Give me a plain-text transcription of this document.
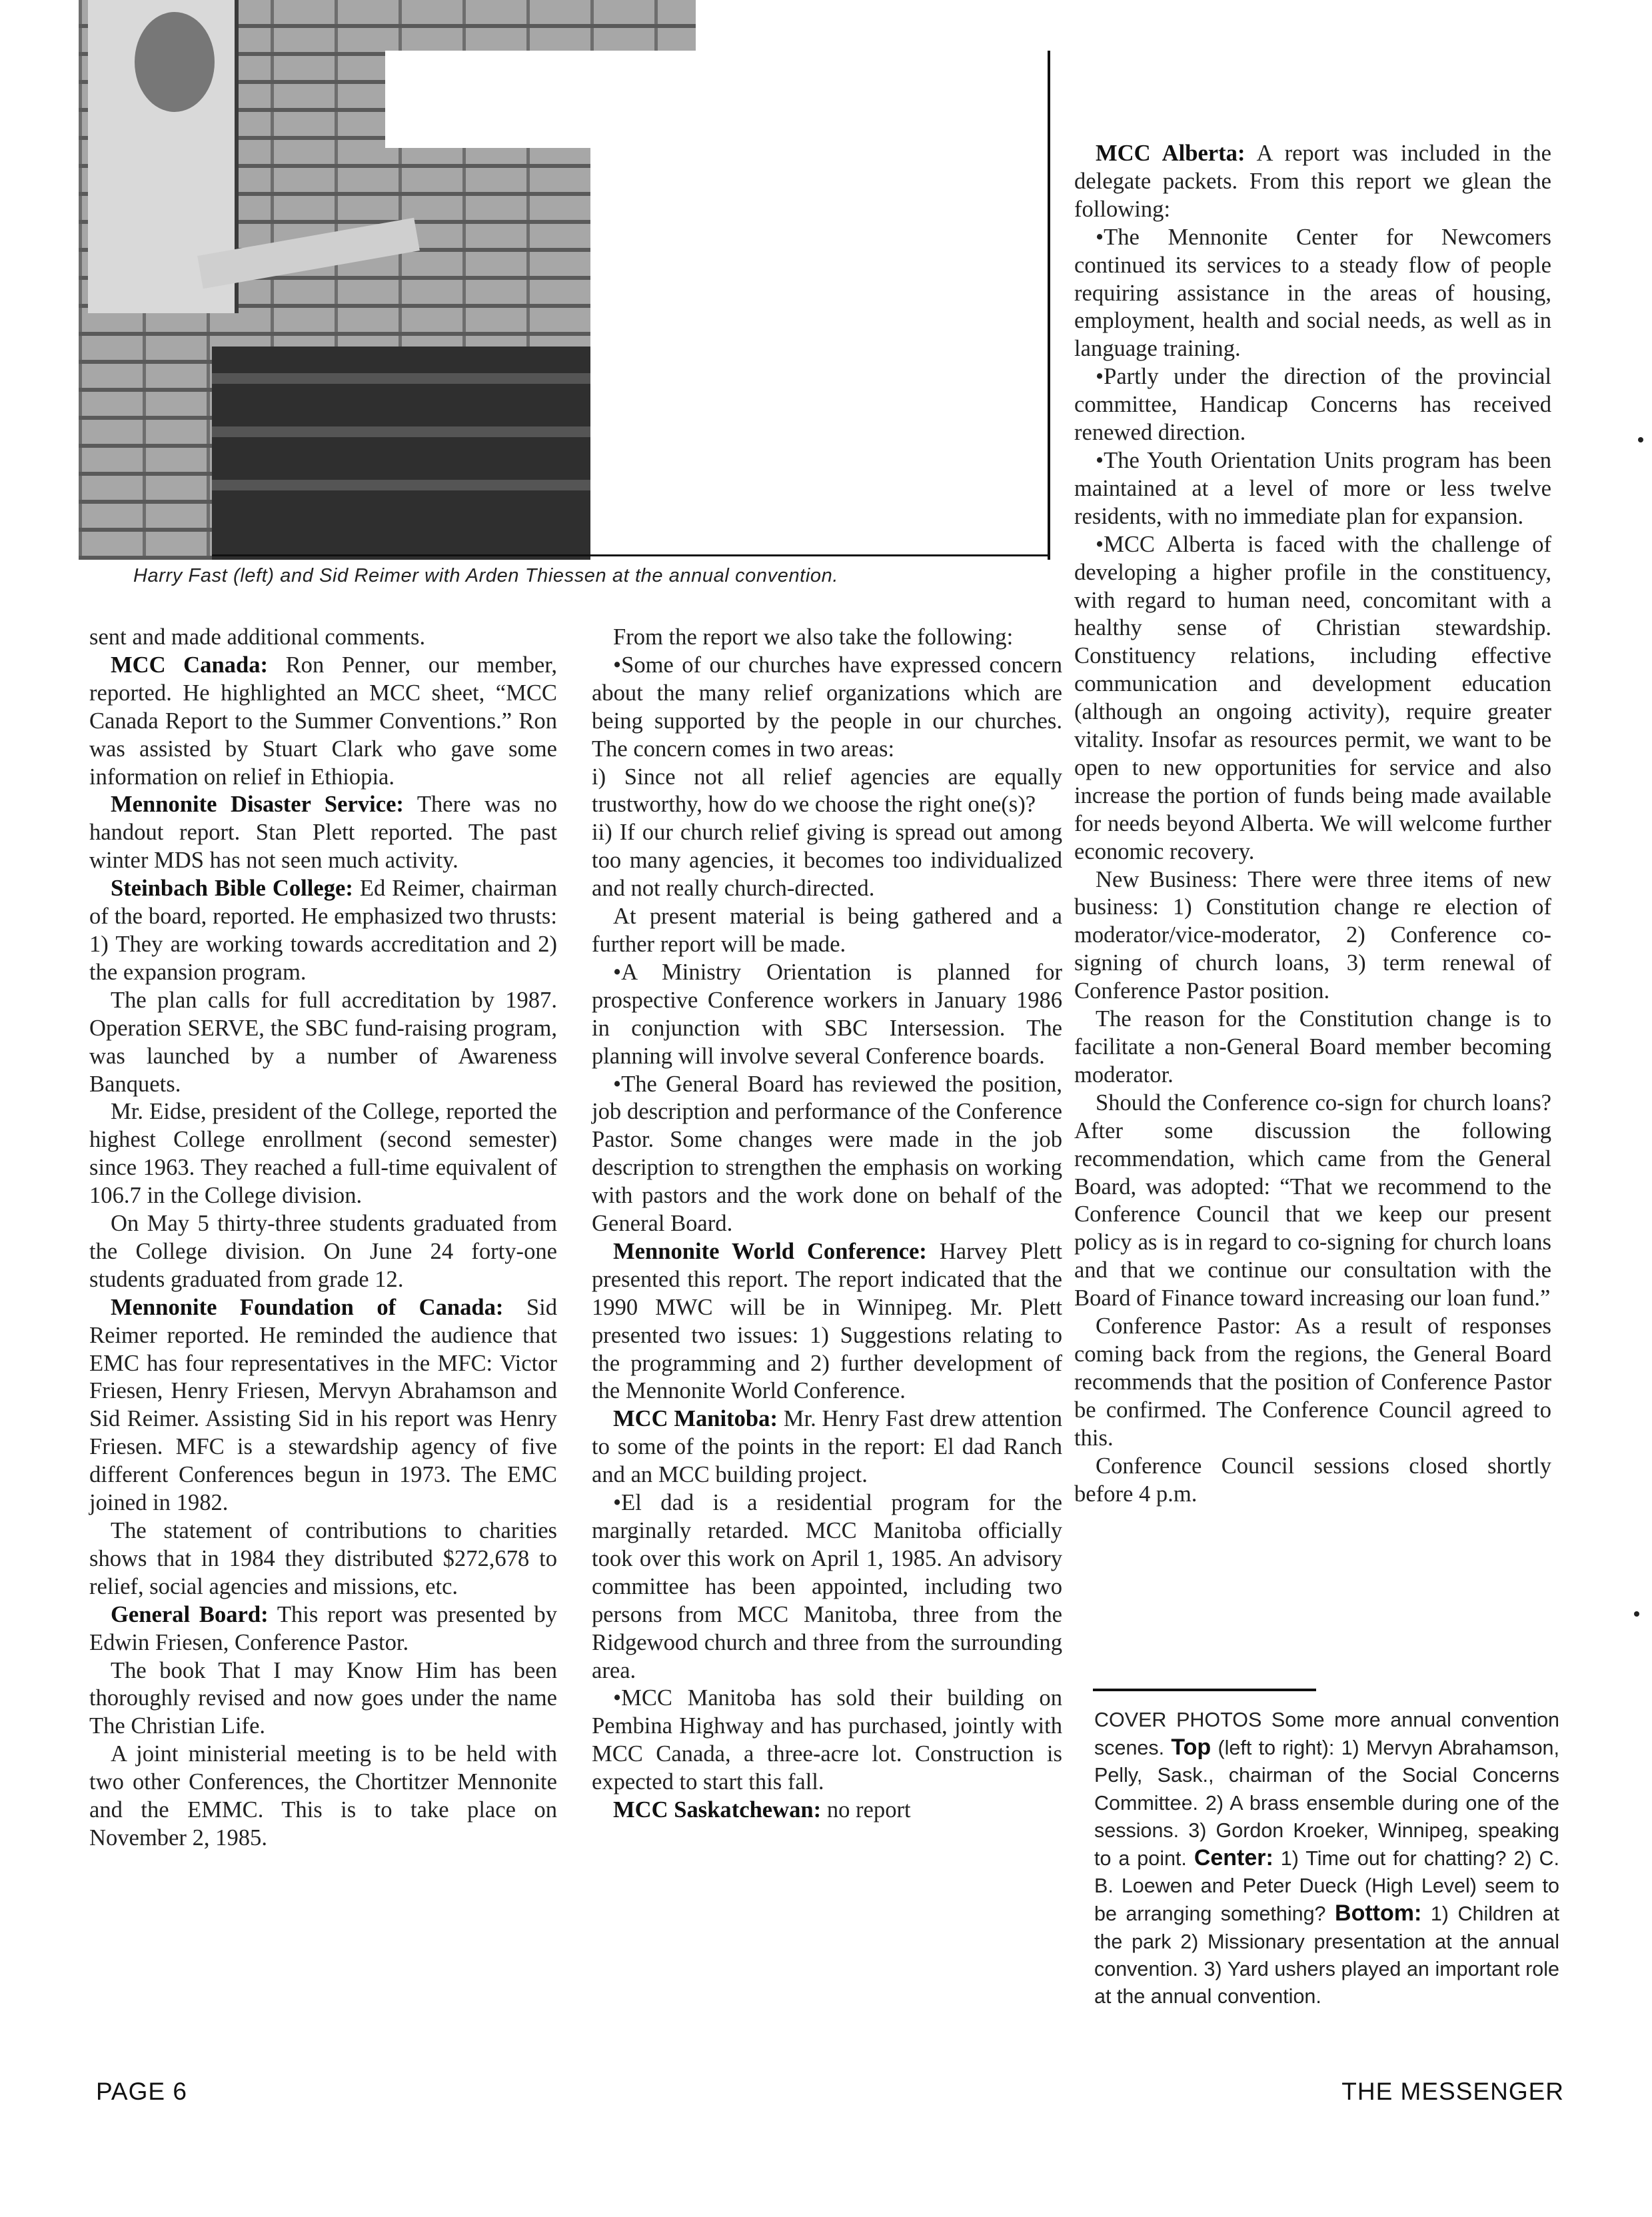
Harry Fast (left) and Sid Reimer with Arden Thiessen at the annual convention.

sent and made additional comments.

MCC Canada: Ron Penner, our member, reported. He highlighted an MCC sheet, “MCC Canada Report to the Summer Conventions.” Ron was assisted by Stuart Clark who gave some information on relief in Ethiopia.

Mennonite Disaster Service: There was no handout report. Stan Plett reported. The past winter MDS has not seen much activity.

Steinbach Bible College: Ed Reimer, chairman of the board, reported. He emphasized two thrusts: 1) They are working towards accreditation and 2) the expansion program.

The plan calls for full accreditation by 1987. Operation SERVE, the SBC fund-raising program, was launched by a number of Awareness Banquets.

Mr. Eidse, president of the College, reported the highest College enrollment (second semester) since 1963. They reached a full-time equivalent of 106.7 in the College division.

On May 5 thirty-three students graduated from the College division. On June 24 forty-one students graduated from grade 12.

Mennonite Foundation of Canada: Sid Reimer reported. He reminded the audience that EMC has four representatives in the MFC: Victor Friesen, Henry Friesen, Mervyn Abrahamson and Sid Reimer. Assisting Sid in his report was Henry Friesen. MFC is a stewardship agency of five different Conferences begun in 1973. The EMC joined in 1982.

The statement of contributions to charities shows that in 1984 they distributed $272,678 to relief, social agencies and missions, etc.

General Board: This report was presented by Edwin Friesen, Conference Pastor.

The book That I may Know Him has been thoroughly revised and now goes under the name The Christian Life.

A joint ministerial meeting is to be held with two other Conferences, the Chortitzer Mennonite and the EMMC. This is to take place on November 2, 1985.

From the report we also take the following:

•Some of our churches have expressed concern about the many relief organizations which are being supported by the people in our churches. The concern comes in two areas:

i) Since not all relief agencies are equally trustworthy, how do we choose the right one(s)?

ii) If our church relief giving is spread out among too many agencies, it becomes too individualized and not really church-directed.

At present material is being gathered and a further report will be made.

•A Ministry Orientation is planned for prospective Conference workers in January 1986 in conjunction with SBC Intersession. The planning will involve several Conference boards.

•The General Board has reviewed the position, job description and performance of the Conference Pastor. Some changes were made in the job description to strengthen the emphasis on working with pastors and the work done on behalf of the General Board.

Mennonite World Conference: Harvey Plett presented this report. The report indicated that the 1990 MWC will be in Winnipeg. Mr. Plett presented two issues: 1) Suggestions relating to the programming and 2) further development of the Mennonite World Conference.

MCC Manitoba: Mr. Henry Fast drew attention to some of the points in the report: El dad Ranch and an MCC building project.

•El dad is a residential program for the marginally retarded. MCC Manitoba officially took over this work on April 1, 1985. An advisory committee has been appointed, including two persons from MCC Manitoba, three from the Ridgewood church and three from the surrounding area.

•MCC Manitoba has sold their building on Pembina Highway and has purchased, jointly with MCC Canada, a three-acre lot. Construction is expected to start this fall.

MCC Saskatchewan: no report

MCC Alberta: A report was included in the delegate packets. From this report we glean the following:

•The Mennonite Center for Newcomers continued its services to a steady flow of people requiring assistance in the areas of housing, employment, health and social needs, as well as in language training.

•Partly under the direction of the provincial committee, Handicap Concerns has received renewed direction.

•The Youth Orientation Units program has been maintained at a level of more or less twelve residents, with no immediate plan for expansion.

•MCC Alberta is faced with the challenge of developing a higher profile in the constituency, with regard to human need, concomitant with a healthy sense of Christian stewardship. Constituency relations, including effective communication and development education (although an ongoing activity), require greater vitality. Insofar as resources permit, we want to be open to new opportunities for service and also increase the portion of funds being made available for needs beyond Alberta. We will welcome further economic recovery.

New Business: There were three items of new business: 1) Constitution change re election of moderator/vice-moderator, 2) Conference co-signing of church loans, 3) term renewal of Conference Pastor position.

The reason for the Constitution change is to facilitate a non-General Board member becoming moderator.

Should the Conference co-sign for church loans? After some discussion the following recommendation, which came from the General Board, was adopted: “That we recommend to the Conference Council that we keep our present policy as is in regard to co-signing for church loans and that we continue our consultation with the Board of Finance toward increasing our loan fund.”

Conference Pastor: As a result of responses coming back from the regions, the General Board recommends that the position of Conference Pastor be confirmed. The Conference Council agreed to this.

Conference Council sessions closed shortly before 4 p.m.

COVER PHOTOS Some more annual convention scenes. Top (left to right): 1) Mervyn Abrahamson, Pelly, Sask., chairman of the Social Concerns Committee. 2) A brass ensemble during one of the sessions. 3) Gordon Kroeker, Winnipeg, speaking to a point. Center: 1) Time out for chatting? 2) C. B. Loewen and Peter Dueck (High Level) seem to be arranging something? Bottom: 1) Children at the park 2) Missionary presentation at the annual convention. 3) Yard ushers played an important role at the annual convention.
PAGE 6	THE MESSENGER
